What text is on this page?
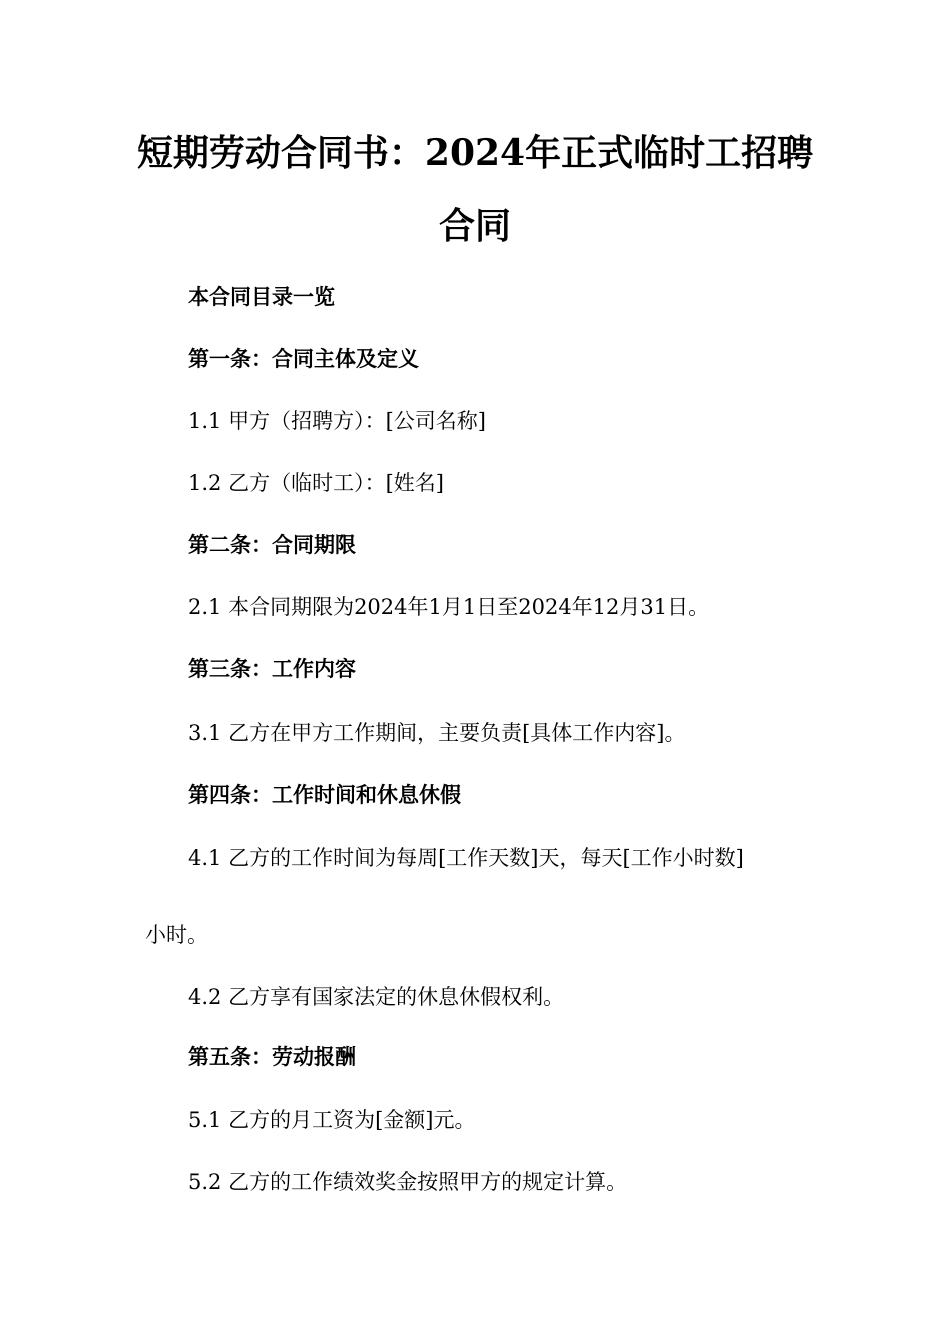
短期劳动合同书：2024年正式临时工招聘
合同

本合同目录一览

第一条：合同主体及定义

1.1 甲方（招聘方）：[公司名称]

1.2 乙方（临时工）：[姓名]

第二条：合同期限

2.1 本合同期限为2024年1月1日至2024年12月31日。

第三条：工作内容

3.1 乙方在甲方工作期间，主要负责[具体工作内容]。

第四条：工作时间和休息休假

4.1 乙方的工作时间为每周[工作天数]天，每天[工作小时数]

小时。

4.2 乙方享有国家法定的休息休假权利。

第五条：劳动报酬

5.1 乙方的月工资为[金额]元。

5.2 乙方的工作绩效奖金按照甲方的规定计算。
